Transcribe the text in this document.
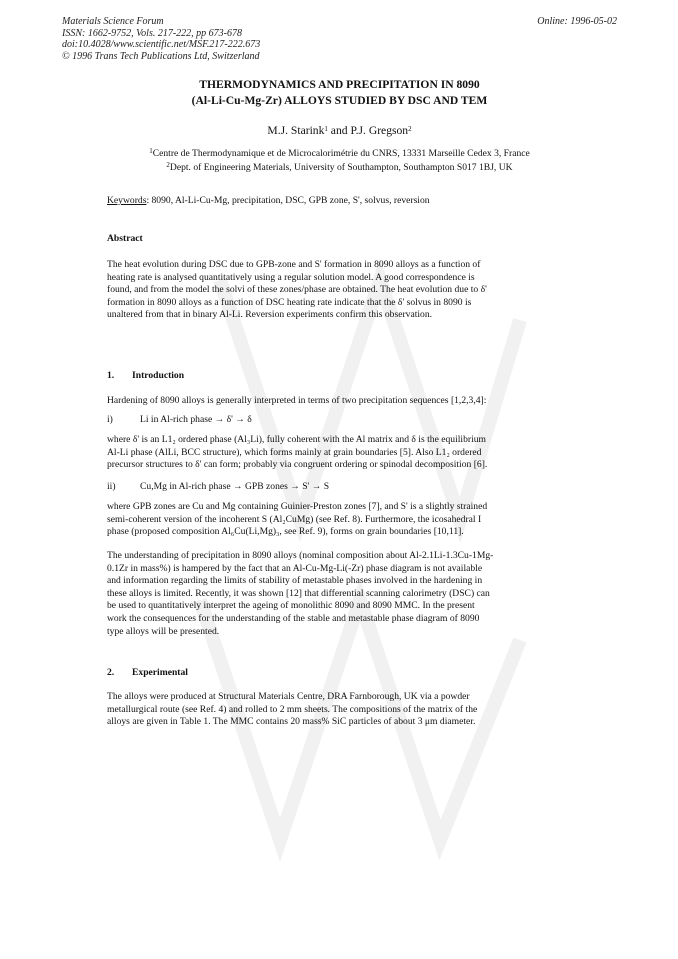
Materials Science Forum
ISSN: 1662-9752, Vols. 217-222, pp 673-678
doi:10.4028/www.scientific.net/MSF.217-222.673
© 1996 Trans Tech Publications Ltd, Switzerland
Online: 1996-05-02
THERMODYNAMICS AND PRECIPITATION IN 8090
(Al-Li-Cu-Mg-Zr) ALLOYS STUDIED BY DSC AND TEM
M.J. Starink$^1$ and P.J. Gregson$^2$
$^1$Centre de Thermodynamique et de Microcalorimétrie du CNRS, 13331 Marseille Cedex 3, France
$^2$Dept. of Engineering Materials, University of Southampton, Southampton S017 1BJ, UK
Keywords: 8090, Al-Li-Cu-Mg, precipitation, DSC, GPB zone, S', solvus, reversion
Abstract
The heat evolution during DSC due to GPB-zone and S' formation in 8090 alloys as a function of
heating rate is analysed quantitatively using a regular solution model. A good correspondence is
found, and from the model the solvi of these zones/phase are obtained. The heat evolution due to δ'
formation in 8090 alloys as a function of DSC heating rate indicate that the δ' solvus in 8090 is
unaltered from that in binary Al-Li. Reversion experiments confirm this observation.
1. Introduction
Hardening of 8090 alloys is generally interpreted in terms of two precipitation sequences [1,2,3,4]:
i)	Li in Al-rich phase → δ' → δ
where δ' is an L1₂ ordered phase (Al₃Li), fully coherent with the Al matrix and δ is the equilibrium
Al-Li phase (AlLi, BCC structure), which forms mainly at grain boundaries [5]. Also L1₂ ordered
precursor structures to δ' can form; probably via congruent ordering or spinodal decomposition [6].
ii)	Cu,Mg in Al-rich phase → GPB zones → S' → S
where GPB zones are Cu and Mg containing Guinier-Preston zones [7], and S' is a slightly strained
semi-coherent version of the incoherent S (Al₂CuMg) (see Ref. 8). Furthermore, the icosahedral I
phase (proposed composition Al₆Cu(Li,Mg)₃, see Ref. 9), forms on grain boundaries [10,11].
The understanding of precipitation in 8090 alloys (nominal composition about Al-2.1Li-1.3Cu-1Mg-
0.1Zr in mass%) is hampered by the fact that an Al-Cu-Mg-Li(-Zr) phase diagram is not available
and information regarding the limits of stability of metastable phases involved in the hardening in
these alloys is limited. Recently, it was shown [12] that differential scanning calorimetry (DSC) can
be used to quantitatively interpret the ageing of monolithic 8090 and 8090 MMC. In the present
work the consequences for the understanding of the stable and metastable phase diagram of 8090
type alloys will be presented.
2. Experimental
The alloys were produced at Structural Materials Centre, DRA Farnborough, UK via a powder
metallurgical route (see Ref. 4) and rolled to 2 mm sheets. The compositions of the matrix of the
alloys are given in Table 1. The MMC contains 20 mass% SiC particles of about 3 μm diameter.
